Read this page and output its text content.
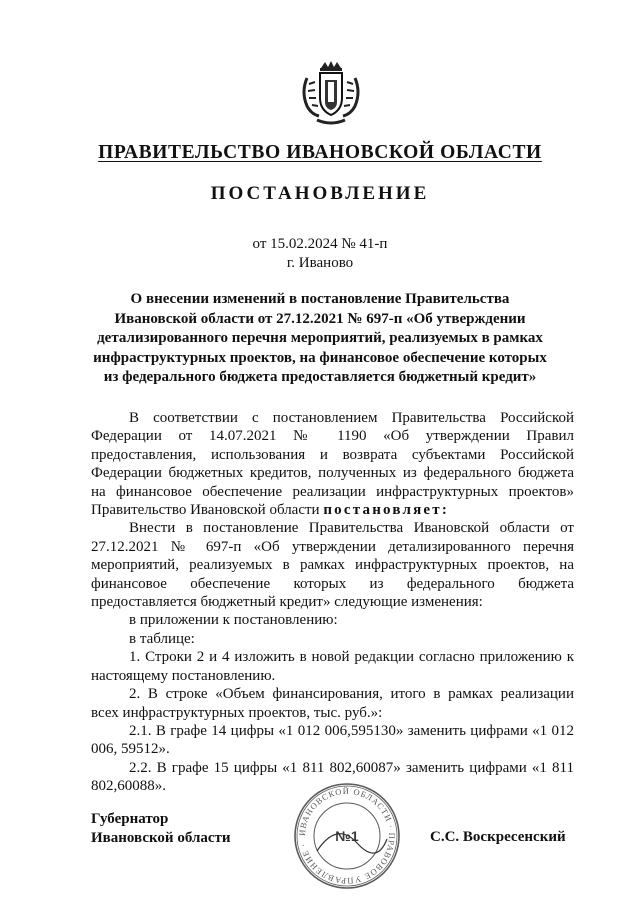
ПРАВИТЕЛЬСТВО ИВАНОВСКОЙ ОБЛАСТИ
ПОСТАНОВЛЕНИЕ
от 15.02.2024 № 41-п
г. Иваново
О внесении изменений в постановление Правительства
Ивановской области от 27.12.2021 № 697-п «Об утверждении
детализированного перечня мероприятий, реализуемых в рамках
инфраструктурных проектов, на финансовое обеспечение которых
из федерального бюджета предоставляется бюджетный кредит»

В соответствии с постановлением Правительства Российской Федерации от 14.07.2021 № 1190 «Об утверждении Правил предоставления, использования и возврата субъектами Российской Федерации бюджетных кредитов, полученных из федерального бюджета на финансовое обеспечение реализации инфраструктурных проектов» Правительство Ивановской области постановляет:

Внести в постановление Правительства Ивановской области от 27.12.2021 № 697-п «Об утверждении детализированного перечня мероприятий, реализуемых в рамках инфраструктурных проектов, на финансовое обеспечение которых из федерального бюджета предоставляется бюджетный кредит» следующие изменения:

в приложении к постановлению:

в таблице:

1. Строки 2 и 4 изложить в новой редакции согласно приложению к настоящему постановлению.

2. В строке «Объем финансирования, итого в рамках реализации всех инфраструктурных проектов, тыс. руб.»:

2.1. В графе 14 цифры «1 012 006,595130» заменить цифрами «1 012 006, 59512».

2.2. В графе 15 цифры «1 811 802,60087» заменить цифрами «1 811 802,60088».

Губернатор
Ивановской области	ИВАНОВСКОЙ ОБЛАСТИ · ПРАВОВОЕ УПРАВЛЕНИЕ ·
№1	С.С. Воскресенский
